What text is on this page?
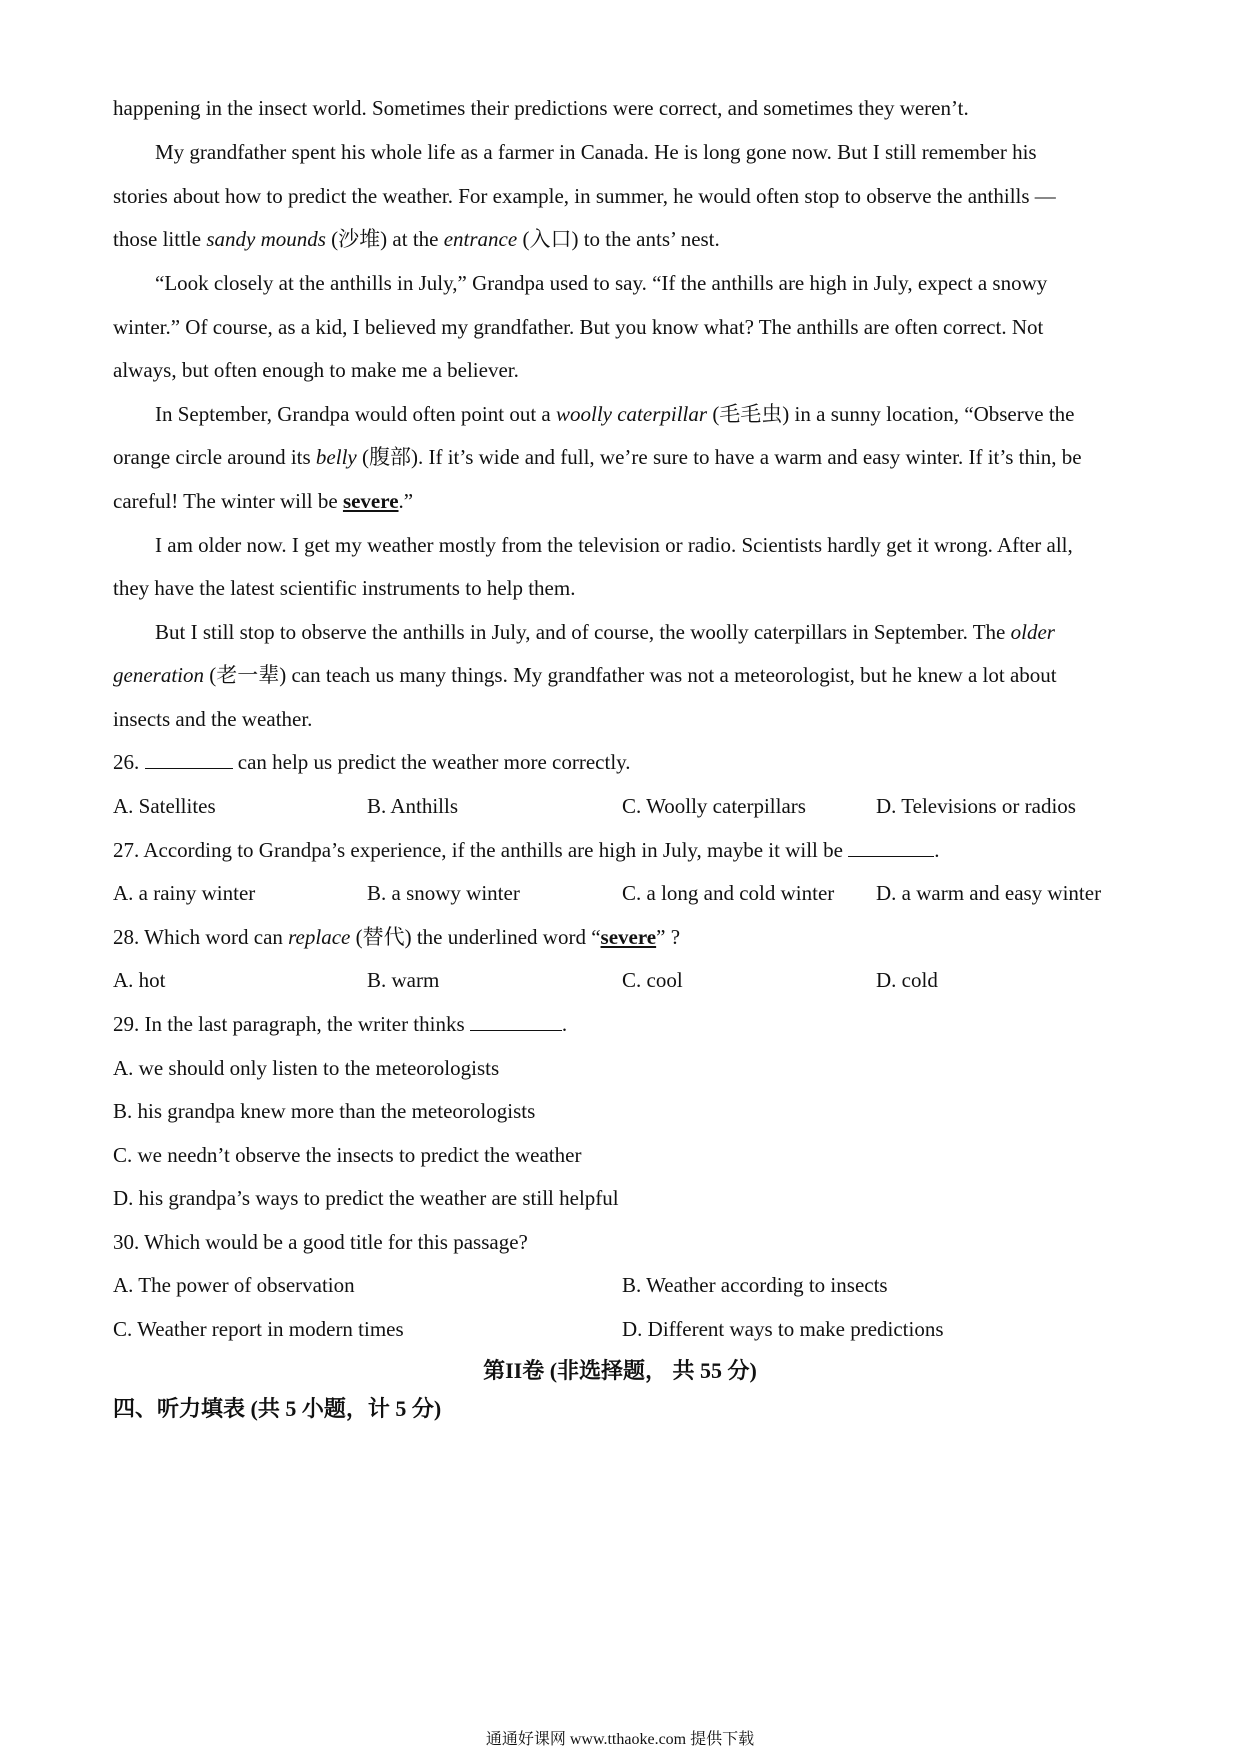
happening in the insect world. Sometimes their predictions were correct, and sometimes they weren’t.
My grandfather spent his whole life as a farmer in Canada. He is long gone now. But I still remember his
stories about how to predict the weather. For example, in summer, he would often stop to observe the anthills —
those little sandy mounds (沙堆) at the entrance (入口) to the ants’ nest.
“Look closely at the anthills in July,” Grandpa used to say. “If the anthills are high in July, expect a snowy
winter.” Of course, as a kid, I believed my grandfather. But you know what? The anthills are often correct. Not
always, but often enough to make me a believer.
In September, Grandpa would often point out a woolly caterpillar (毛毛虫) in a sunny location, “Observe the
orange circle around its belly (腹部). If it’s wide and full, we’re sure to have a warm and easy winter. If it’s thin, be
careful! The winter will be severe.”
I am older now. I get my weather mostly from the television or radio. Scientists hardly get it wrong. After all,
they have the latest scientific instruments to help them.
But I still stop to observe the anthills in July, and of course, the woolly caterpillars in September. The older
generation (老一辈) can teach us many things. My grandfather was not a meteorologist, but he knew a lot about
insects and the weather.
26.	can help us predict the weather more correctly.
A. Satellites	B. Anthills	C. Woolly caterpillars	D. Televisions or radios
27. According to Grandpa’s experience, if the anthills are high in July, maybe it will be	.
A. a rainy winter	B. a snowy winter	C. a long and cold winter D. a warm and easy winter
28. Which word can replace (替代) the underlined word “severe” ?
A. hot	B. warm	C. cool	D. cold
29. In the last paragraph, the writer thinks	.
A. we should only listen to the meteorologists
B. his grandpa knew more than the meteorologists
C. we needn’t observe the insects to predict the weather
D. his grandpa’s ways to predict the weather are still helpful
30. Which would be a good title for this passage?
A. The power of observation	B. Weather according to insects
C. Weather report in modern times	D. Different ways to make predictions
第II卷 (非选择题， 共 55 分)
四、听力填表 (共 5 小题，计 5 分)
通通好课网 www.tthaoke.com 提供下载
